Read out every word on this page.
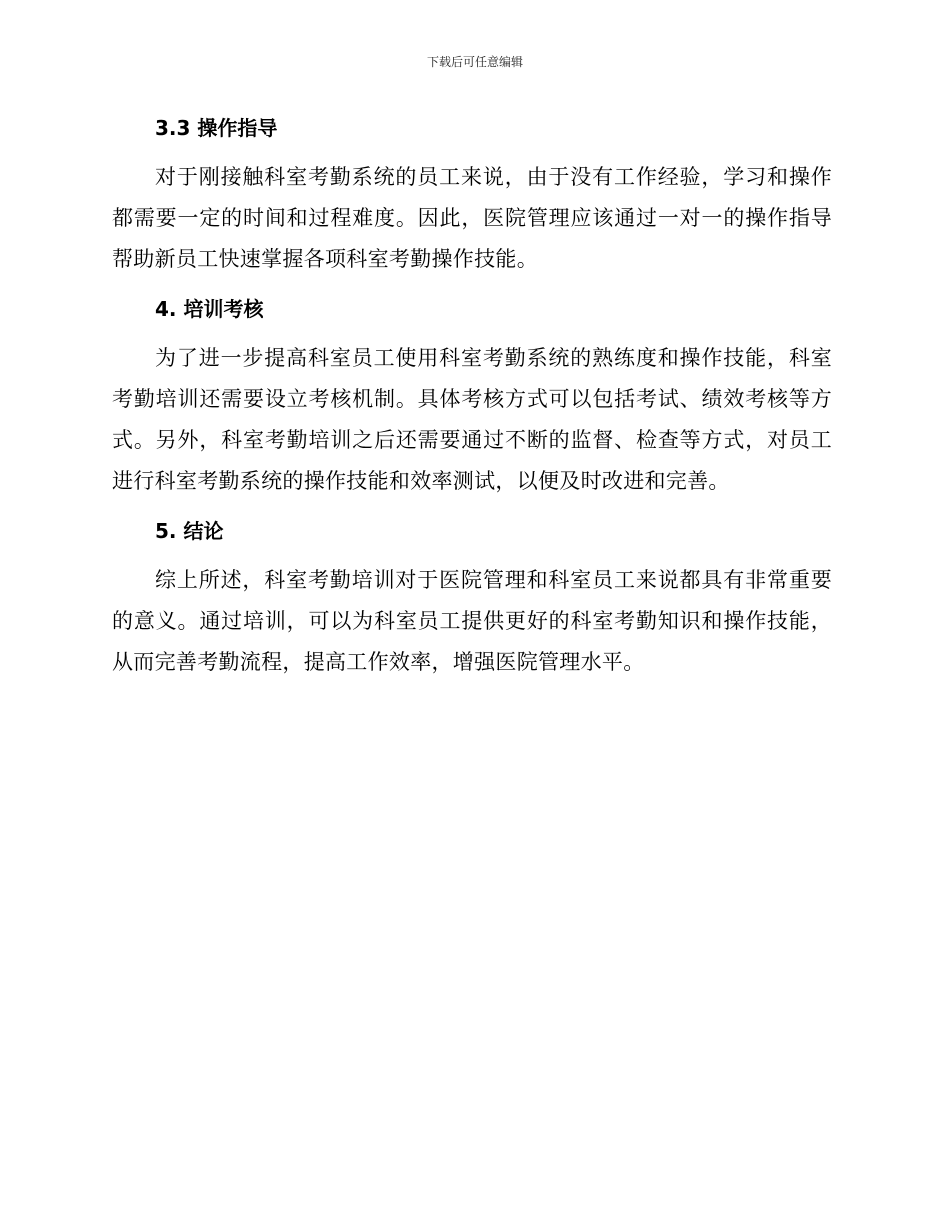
下载后可任意编辑
3.3 操作指导

对于刚接触科室考勤系统的员工来说，由于没有工作经验，学习和操作都需要一定的时间和过程难度。因此，医院管理应该通过一对一的操作指导帮助新员工快速掌握各项科室考勤操作技能。

4. 培训考核

为了进一步提高科室员工使用科室考勤系统的熟练度和操作技能，科室考勤培训还需要设立考核机制。具体考核方式可以包括考试、绩效考核等方式。另外，科室考勤培训之后还需要通过不断的监督、检查等方式，对员工进行科室考勤系统的操作技能和效率测试，以便及时改进和完善。

5. 结论

综上所述，科室考勤培训对于医院管理和科室员工来说都具有非常重要的意义。通过培训，可以为科室员工提供更好的科室考勤知识和操作技能，从而完善考勤流程，提高工作效率，增强医院管理水平。
